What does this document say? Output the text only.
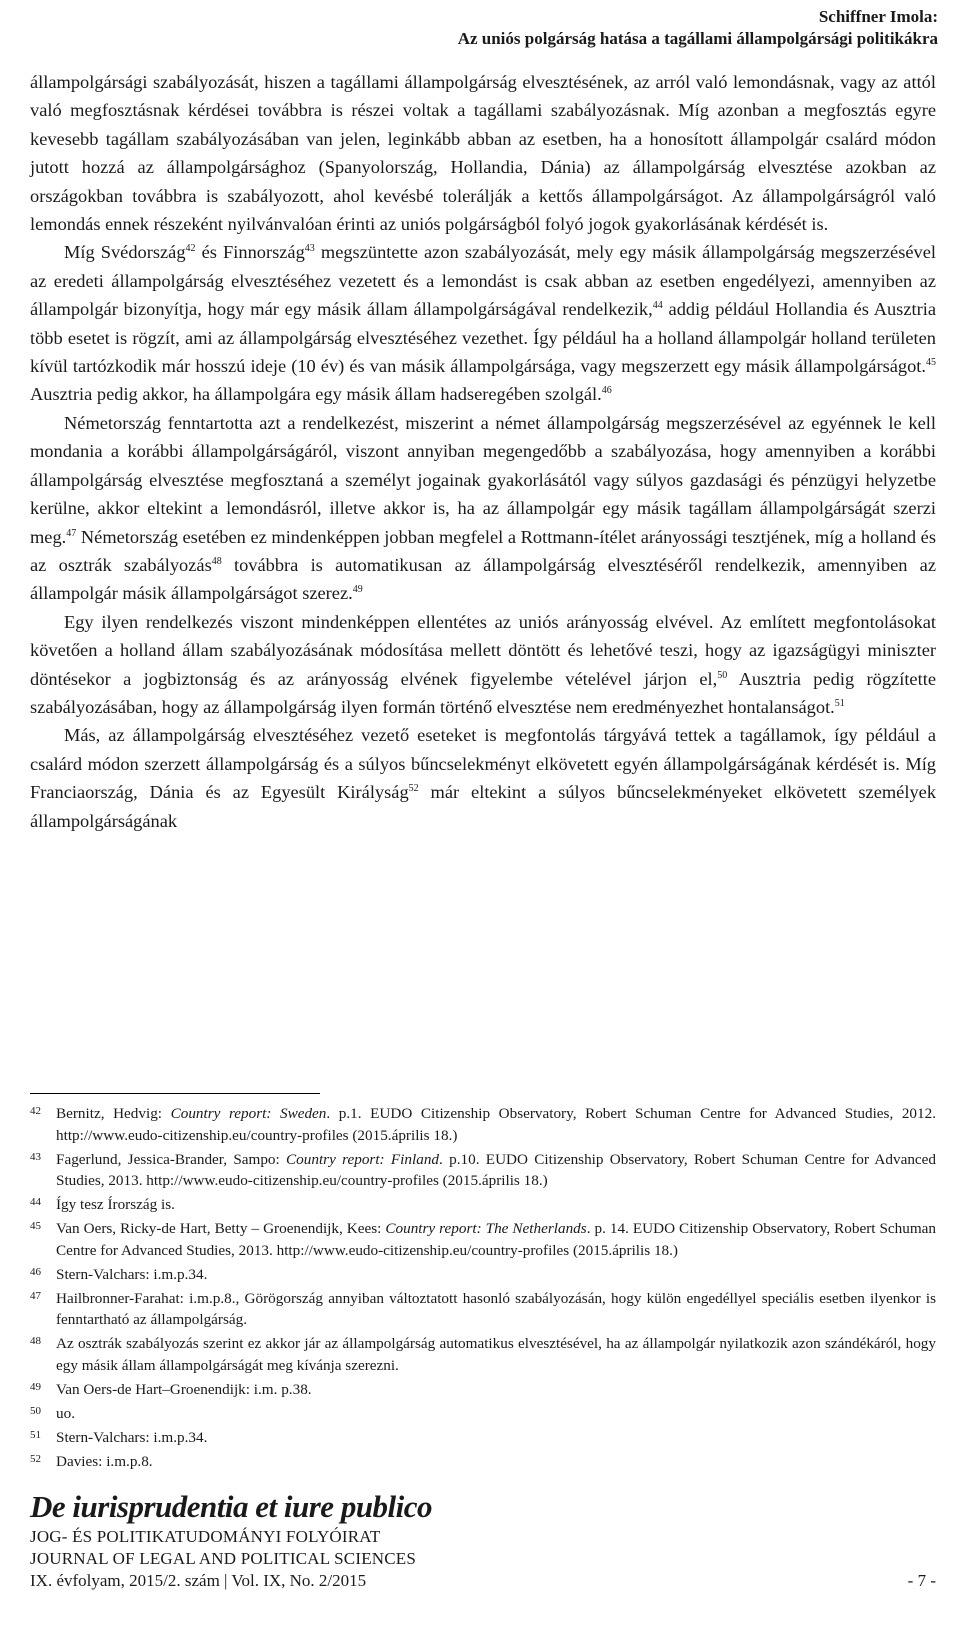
Schiffner Imola:
Az uniós polgárság hatása a tagállami állampolgársági politikákra

állampolgársági szabályozását, hiszen a tagállami állampolgárság elvesztésének, az arról való lemondásnak, vagy az attól való megfosztásnak kérdései továbbra is részei voltak a tagállami szabályozásnak. Míg azonban a megfosztás egyre kevesebb tagállam szabályozásában van jelen, leginkább abban az esetben, ha a honosított állampolgár csalárd módon jutott hozzá az állampolgársághoz (Spanyolország, Hollandia, Dánia) az állampolgárság elvesztése azokban az országokban továbbra is szabályozott, ahol kevésbé tolerálják a kettős állampolgárságot. Az állampolgárságról való lemondás ennek részeként nyilvánvalóan érinti az uniós polgárságból folyó jogok gyakorlásának kérdését is.

Míg Svédország$^{42}$ és Finnország$^{43}$ megszüntette azon szabályozását, mely egy másik állampolgárság megszerzésével az eredeti állampolgárság elvesztéséhez vezetett és a lemondást is csak abban az esetben engedélyezi, amennyiben az állampolgár bizonyítja, hogy már egy másik állam állampolgárságával rendelkezik,$^{44}$ addig például Hollandia és Ausztria több esetet is rögzít, ami az állampolgárság elvesztéséhez vezethet. Így például ha a holland állampolgár holland területen kívül tartózkodik már hosszú ideje (10 év) és van másik állampolgársága, vagy megszerzett egy másik állampolgárságot.$^{45}$ Ausztria pedig akkor, ha állampolgára egy másik állam hadseregében szolgál.$^{46}$

Németország fenntartotta azt a rendelkezést, miszerint a német állampolgárság megszerzésével az egyénnek le kell mondania a korábbi állampolgárságáról, viszont annyiban megengedőbb a szabályozása, hogy amennyiben a korábbi állampolgárság elvesztése megfosztaná a személyt jogainak gyakorlásától vagy súlyos gazdasági és pénzügyi helyzetbe kerülne, akkor eltekint a lemondásról, illetve akkor is, ha az állampolgár egy másik tagállam állampolgárságát szerzi meg.$^{47}$ Németország esetében ez mindenképpen jobban megfelel a Rottmann-ítélet arányossági tesztjének, míg a holland és az osztrák szabályozás$^{48}$ továbbra is automatikusan az állampolgárság elvesztéséről rendelkezik, amennyiben az állampolgár másik állampolgárságot szerez.$^{49}$

Egy ilyen rendelkezés viszont mindenképpen ellentétes az uniós arányosság elvével. Az említett megfontolásokat követően a holland állam szabályozásának módosítása mellett döntött és lehetővé teszi, hogy az igazságügyi miniszter döntésekor a jogbiztonság és az arányosság elvének figyelembe vételével járjon el,$^{50}$ Ausztria pedig rögzítette szabályozásában, hogy az állampolgárság ilyen formán történő elvesztése nem eredményezhet hontalanságot.$^{51}$

Más, az állampolgárság elvesztéséhez vezető eseteket is megfontolás tárgyává tettek a tagállamok, így például a csalárd módon szerzett állampolgárság és a súlyos bűncselekményt elkövetett egyén állampolgárságának kérdését is. Míg Franciaország, Dánia és az Egyesült Királyság$^{52}$ már eltekint a súlyos bűncselekményeket elkövetett személyek állampolgárságának

42 Bernitz, Hedvig: Country report: Sweden. p.1. EUDO Citizenship Observatory, Robert Schuman Centre for Advanced Studies, 2012. http://www.eudo-citizenship.eu/country-profiles (2015.április 18.)
43 Fagerlund, Jessica-Brander, Sampo: Country report: Finland. p.10. EUDO Citizenship Observatory, Robert Schuman Centre for Advanced Studies, 2013. http://www.eudo-citizenship.eu/country-profiles (2015.április 18.)
44 Így tesz Írország is.
45 Van Oers, Ricky-de Hart, Betty – Groenendijk, Kees: Country report: The Netherlands. p. 14. EUDO Citizenship Observatory, Robert Schuman Centre for Advanced Studies, 2013. http://www.eudo-citizenship.eu/country-profiles (2015.április 18.)
46 Stern-Valchars: i.m.p.34.
47 Hailbronner-Farahat: i.m.p.8., Görögország annyiban változtatott hasonló szabályozásán, hogy külön engedéllyel speciális esetben ilyenkor is fenntartható az állampolgárság.
48 Az osztrák szabályozás szerint ez akkor jár az állampolgárság automatikus elvesztésével, ha az állampolgár nyilatkozik azon szándékáról, hogy egy másik állam állampolgárságát meg kívánja szerezni.
49 Van Oers-de Hart–Groenendijk: i.m. p.38.
50 uo.
51 Stern-Valchars: i.m.p.34.
52 Davies: i.m.p.8.
De iurisprudentia et iure publico
JOG- ÉS POLITIKATUDOMÁNYI FOLYÓIRAT
JOURNAL OF LEGAL AND POLITICAL SCIENCES
IX. évfolyam, 2015/2. szám | Vol. IX, No. 2/2015	- 7 -
